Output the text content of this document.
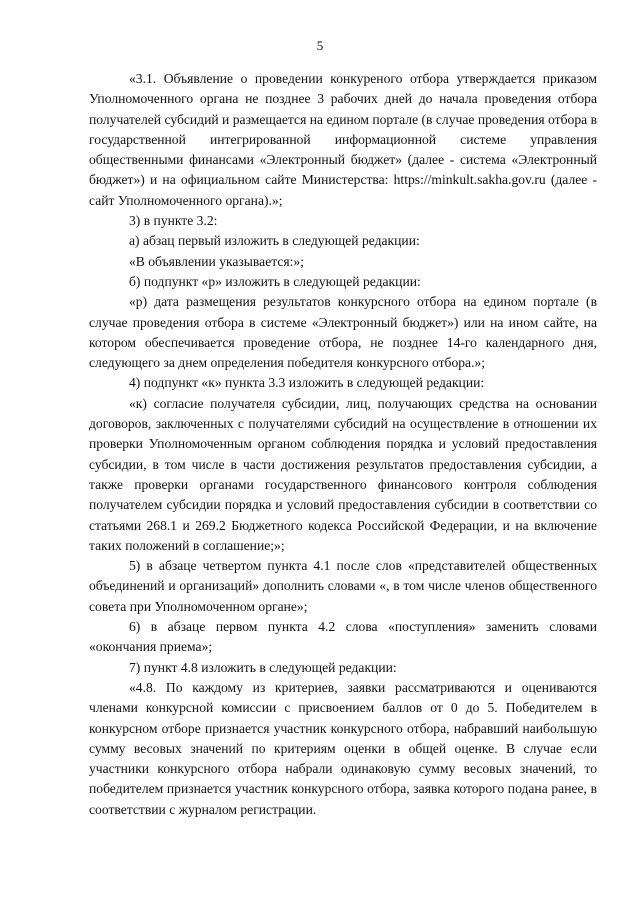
5

«3.1. Объявление о проведении конкуреного отбора утверждается приказом Уполномоченного органа не позднее 3 рабочих дней до начала проведения отбора получателей субсидий и размещается на едином портале (в случае проведения отбора в государственной интегрированной информационной системе управления общественными финансами «Электронный бюджет» (далее - система «Электронный бюджет») и на официальном сайте Министерства: https://minkult.sakha.gov.ru (далее - сайт Уполномоченного органа).»;

3) в пункте 3.2:

а) абзац первый изложить в следующей редакции:

«В объявлении указывается:»;

б) подпункт «р» изложить в следующей редакции:

«р) дата размещения результатов конкурсного отбора на едином портале (в случае проведения отбора в системе «Электронный бюджет») или на ином сайте, на котором обеспечивается проведение отбора, не позднее 14-го календарного дня, следующего за днем определения победителя конкурсного отбора.»;

4) подпункт «к» пункта 3.3 изложить в следующей редакции:

«к) согласие получателя субсидии, лиц, получающих средства на основании договоров, заключенных с получателями субсидий на осуществление в отношении их проверки Уполномоченным органом соблюдения порядка и условий предоставления субсидии, в том числе в части достижения результатов предоставления субсидии, а также проверки органами государственного финансового контроля соблюдения получателем субсидии порядка и условий предоставления субсидии в соответствии со статьями 268.1 и 269.2 Бюджетного кодекса Российской Федерации, и на включение таких положений в соглашение;»;

5) в абзаце четвертом пункта 4.1 после слов «представителей общественных объединений и организаций» дополнить словами «, в том числе членов общественного совета при Уполномоченном органе»;

6) в абзаце первом пункта 4.2 слова «поступления» заменить словами «окончания приема»;

7) пункт 4.8 изложить в следующей редакции:

«4.8. По каждому из критериев, заявки рассматриваются и оцениваются членами конкурсной комиссии с присвоением баллов от 0 до 5. Победителем в конкурсном отборе признается участник конкурсного отбора, набравший наибольшую сумму весовых значений по критериям оценки в общей оценке. В случае если участники конкурсного отбора набрали одинаковую сумму весовых значений, то победителем признается участник конкурсного отбора, заявка которого подана ранее, в соответствии с журналом регистрации.
